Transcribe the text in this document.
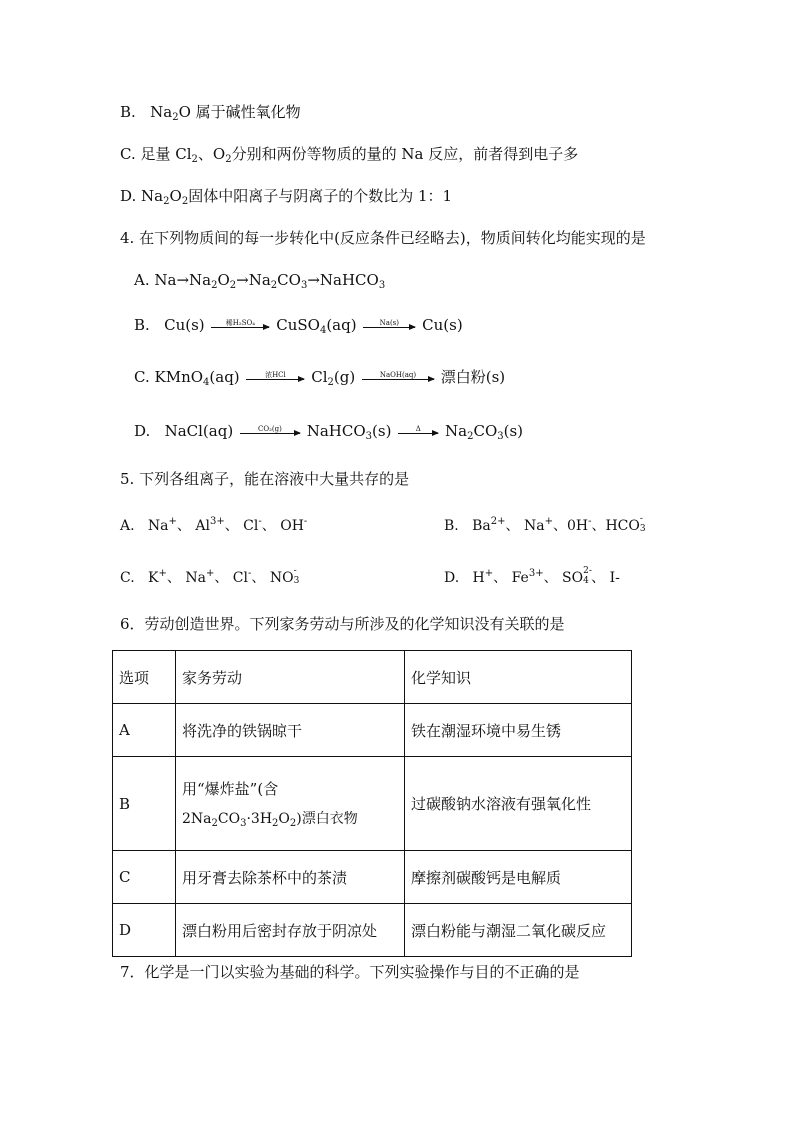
B. $Na_2O$ 属于碱性氧化物
C. 足量 $Cl_2$、$O_2$分别和两份等物质的量的 Na 反应，前者得到电子多
D. $Na_2O_2$固体中阳离子与阴离子的个数比为 1：1
4. 在下列物质间的每一步转化中(反应条件已经略去)，物质间转化均能实现的是
A. $Na\to Na_2O_2\to Na_2CO_3\to NaHCO_3$
B. Cu(s)	稀H₂SO₄ CuSO$_4$(aq)	Na(s) Cu(s)
C. KMnO$_4$(aq)	浓HCl $Cl_2(g)$	NaOH(aq) 漂白粉(s)
D. NaCl(aq)	CO₂(g) NaHCO$_3$(s)	Δ $Na_2CO_3(s)$
5. 下列各组离子，能在溶液中大量共存的是
A. Na+、 $Al^{3+}$、 Cl-、 OH-	B. $Ba^{2+}$、 Na+、0H-、HCO -
3
C. K+、 Na+、 Cl-、 NO -
3	D. H+、 $Fe^{3+}$、 SO 2-
4 、 I-
6．劳动创造世界。下列家务劳动与所涉及的化学知识没有关联的是
选项	家务劳动	化学知识
A	将洗净的铁锅晾干	铁在潮湿环境中易生锈
B	用“爆炸盐”(含
$2Na_2CO_3\cdot 3H_2O_2$)漂白衣物	过碳酸钠水溶液有强氧化性
C	用牙膏去除茶杯中的茶渍	摩擦剂碳酸钙是电解质
D	漂白粉用后密封存放于阴凉处	漂白粉能与潮湿二氧化碳反应
7．化学是一门以实验为基础的科学。下列实验操作与目的不正确的是
